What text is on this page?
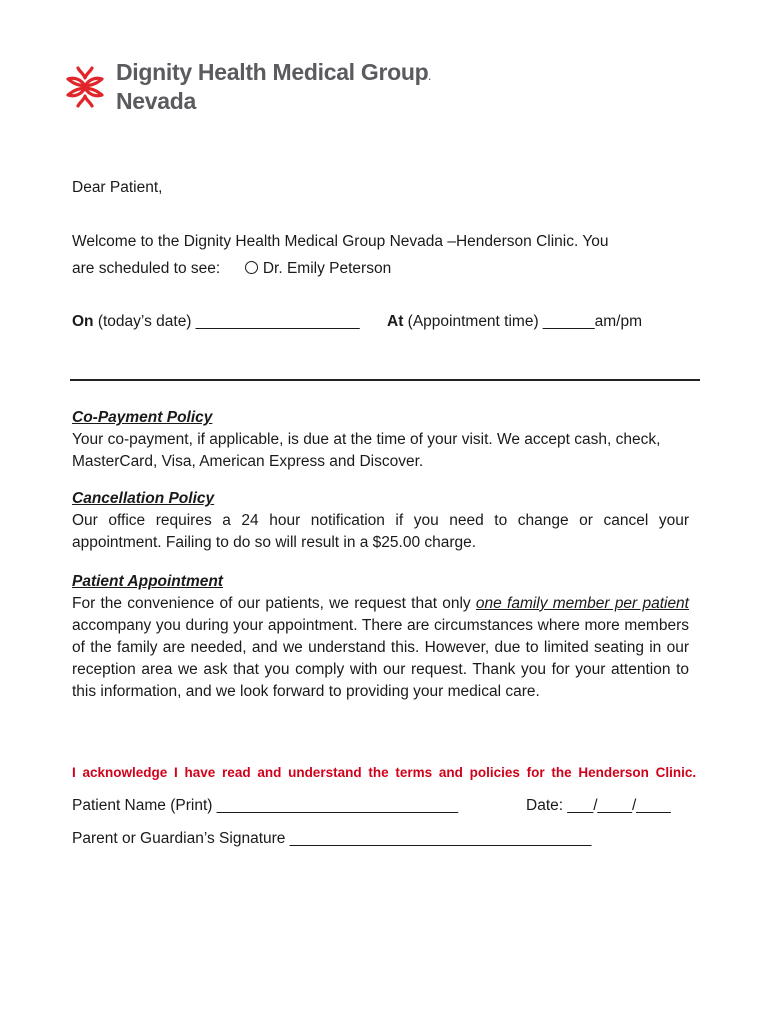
Dignity Health Medical Group.
Nevada
Dear Patient,
Welcome to the Dignity Health Medical Group Nevada –Henderson Clinic. You
are scheduled to see:	Dr. Emily Peterson
On (today’s date) ___________________ At (Appointment time) ______am/pm
Co-Payment Policy
Your co-payment, if applicable, is due at the time of your visit. We accept cash, check, MasterCard, Visa, American Express and Discover.
Cancellation Policy
Our office requires a 24 hour notification if you need to change or cancel your appointment. Failing to do so will result in a $25.00 charge.
Patient Appointment
For the convenience of our patients, we request that only one family member per patient accompany you during your appointment. There are circumstances where more members of the family are needed, and we understand this. However, due to limited seating in our reception area we ask that you comply with our request. Thank you for your attention to this information, and we look forward to providing your medical care.
I acknowledge I have read and understand the terms and policies for the Henderson Clinic.
Patient Name (Print) ____________________________	Date: ___/____/____
Parent or Guardian’s Signature ___________________________________
